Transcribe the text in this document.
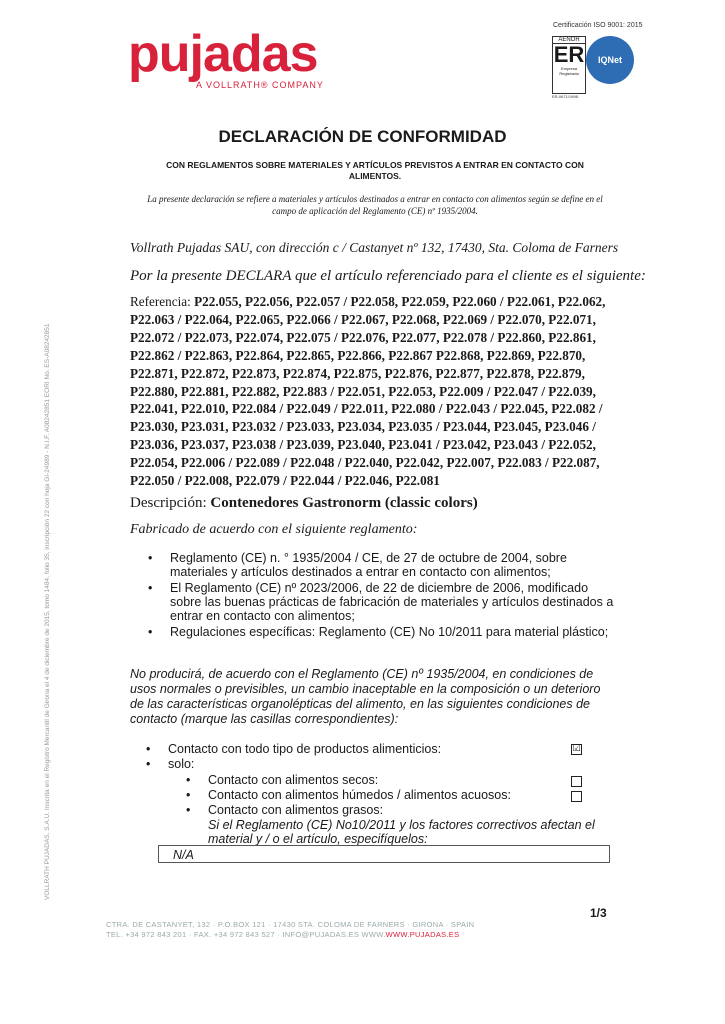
pujadas
A VOLLRATH® COMPANY
Certificación ISO 9001: 2015
AENOR
ER
Empresa Registrada
IQNet
ER-0671/1998
VOLLRATH PUJADAS, S.A.U. Inscrita en el Registro Mercantil de Girona el 4 de diciembre de 2015, tomo 1484, folio 35, inscripción 22 con hoja GI-24989 - N.I.F. A08242851 EORI No. ES-A08242851
DECLARACIÓN DE CONFORMIDAD
CON REGLAMENTOS SOBRE MATERIALES Y ARTÍCULOS PREVISTOS A ENTRAR EN CONTACTO CON ALIMENTOS.
La presente declaración se refiere a materiales y artículos destinados a entrar en contacto con alimentos según se define en el campo de aplicación del Reglamento (CE) nº 1935/2004.
Vollrath Pujadas SAU, con dirección c / Castanyet nº 132, 17430, Sta. Coloma de Farners
Por la presente DECLARA que el artículo referenciado para el cliente es el siguiente:
Referencia: P22.055, P22.056, P22.057 / P22.058, P22.059, P22.060 / P22.061, P22.062, P22.063 / P22.064, P22.065, P22.066 / P22.067, P22.068, P22.069 / P22.070, P22.071, P22.072 / P22.073, P22.074, P22.075 / P22.076, P22.077, P22.078 / P22.860, P22.861, P22.862 / P22.863, P22.864, P22.865, P22.866, P22.867 P22.868, P22.869, P22.870, P22.871, P22.872, P22.873, P22.874, P22.875, P22.876, P22.877, P22.878, P22.879, P22.880, P22.881, P22.882, P22.883 / P22.051, P22.053, P22.009 / P22.047 / P22.039, P22.041, P22.010, P22.084 / P22.049 / P22.011, P22.080 / P22.043 / P22.045, P22.082 / P23.030, P23.031, P23.032 / P23.033, P23.034, P23.035 / P23.044, P23.045, P23.046 / P23.036, P23.037, P23.038 / P23.039, P23.040, P23.041 / P23.042, P23.043 / P22.052, P22.054, P22.006 / P22.089 / P22.048 / P22.040, P22.042, P22.007, P22.083 / P22.087, P22.050 / P22.008, P22.079 / P22.044 / P22.046, P22.081
Descripción: Contenedores Gastronorm (classic colors)
Fabricado de acuerdo con el siguiente reglamento:
• Reglamento (CE) n. ° 1935/2004 / CE, de 27 de octubre de 2004, sobre materiales y artículos destinados a entrar en contacto con alimentos;
• El Reglamento (CE) nº 2023/2006, de 22 de diciembre de 2006, modificado sobre las buenas prácticas de fabricación de materiales y artículos destinados a entrar en contacto con alimentos;
• Regulaciones específicas: Reglamento (CE) No 10/2011 para material plástico;
No producirá, de acuerdo con el Reglamento (CE) nº 1935/2004, en condiciones de usos normales o previsibles, un cambio inaceptable en la composición o un deterioro de las características organolépticas del alimento, en las siguientes condiciones de contacto (marque las casillas correspondientes):
• Contacto con todo tipo de productos alimenticios:	☑
• solo:
• Contacto con alimentos secos:
• Contacto con alimentos húmedos / alimentos acuosos:
• Contacto con alimentos grasos:
Si el Reglamento (CE) No10/2011 y los factores correctivos afectan el material y / o el artículo, especifíquelos:
N/A
1/3
CTRA. DE CASTANYET, 132 · P.O.BOX 121 · 17430 STA. COLOMA DE FARNERS · GIRONA · SPAIN
TEL. +34 972 843 201 · FAX. +34 972 843 527 · INFO@PUJADAS.ES WWW.WWW.PUJADAS.ES
